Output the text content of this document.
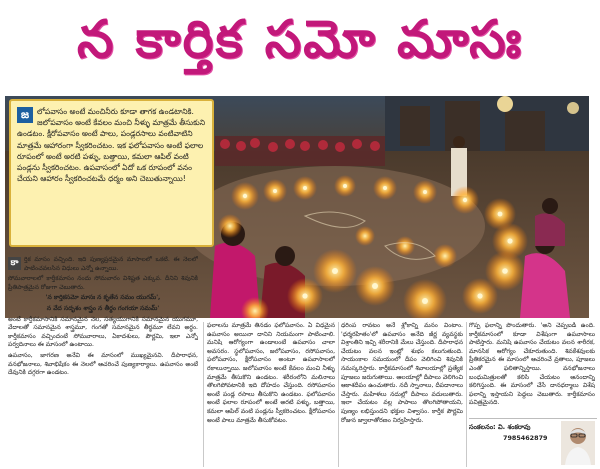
న కార్తిక సమో మాసః
జ	లోపవాసం అంటే మంచినీరు కూడా తాగక ఉండటానికి. జలోపవాసం అంటే కేవలం మంచి నీళ్ళు మాత్రమే తీసుకుని ఉండటం. క్షీరోపవాసం అంటే పాలు, పండ్లరసాలు వంటివాటిని మాత్రమే ఆహారంగా స్వీకరించటం. ఇక ఫలోపవాసం అంటే ఫలాల రూపంలో అంటే అరటి పళ్ళు, బత్తాయి, కమలా ఆపిల్ వంటి పండ్లను స్వీకరించటం. ఉపవాసంలో ఏదో ఒక రూపంలో వనం చేయని ఆహారం స్వీకరించటమే ధర్మం అని చెబుతున్నాయి!

కా ర్తిక మాసం వచ్చింది. ఇది పుణ్యప్రదమైన మాసాలలో ఒకటి. ఈ నెలలో పాటించవలసిన విధులు ఎన్నో ఉన్నాయి.

సోమవారాలలో కార్తీకమాసం నందు సోమవారం విశిష్టత ఎక్కువ. దీనిని శివునికి ప్రీతిపాత్రమైన రోజుగా చెబుతారు.

'న కార్తికసమో మాసః న కృతేన సమం యుగమ్',
న వేద సదృశం శాస్త్రం న తీర్థం గంగయా సమమ్'

అంటే కార్తీకమాసానికి సమానమైన నెల, సత్యయుగానికి సమానమైన యుగమూ, వేదాలతో సమానమైన శాస్త్రమూ, గంగతో సమానమైన తీర్థమూ లేవని అర్థం. కార్తీకమాసం వచ్చిందంటే సోమవారాలు, ఏకాదశులు, పౌర్ణమి, ఇలా ఎన్నో పర్వదినాలు ఈ మాసంలో ఉంటాయి.

ఉపవాసం, జాగరణ అనేవి ఈ మాసంలో ముఖ్యమైనవి. దీపారాధన, వనభోజనాలు, శివాభిషేకం ఈ నెలలో ఆచరించే పుణ్యకార్యాలు. ఉపవాసం అంటే దేవునికి దగ్గరగా ఉండటం.

ఫలాలను మాత్రమే తినడం ఫలోపవాసం. ఏ విధమైన ఉపవాసం అయినా దానిని నియమంగా పాటించాలి. మనిషి ఆరోగ్యంగా ఉండాలంటే ఉపవాసం చాలా అవసరం. స్థలోపవాసం, జలోపవాసం, రసోపవాసం, ఫలోపవాసం, క్షీరోపవాసం అంటూ ఉపవాసాలలో రకాలున్నాయి. జలోపవాసం అంటే కేవలం మంచి నీళ్ళు మాత్రమే తీసుకొని ఉండటం. శరీరంలోని మలినాలు తొలగిపోవటానికి ఇది దోహదం చేస్తుంది. రసోపవాసం అంటే పండ్ల రసాలు తీసుకొని ఉండటం. ఫలోపవాసం అంటే ఫలాల రూపంలో అంటే అరటి పళ్ళు, బత్తాయి, కమలా ఆపిల్ వంటి పండ్లను స్వీకరించటం. క్షీరోపవాసం అంటే పాలు మాత్రమే తీసుకోవటం.

ధరింప రావటం అనే శ్లోకాన్ని మనం వింటాం. 'ధర్మరహితం'లో ఉపవాసం అనేది జీర్ణ వ్యవస్థకు విశ్రాంతిని ఇచ్చి శరీరానికి మేలు చేస్తుంది. దీపారాధన చేయటం వలన ఇంట్లో శుభం కలుగుతుంది. సాయంకాల సమయంలో దీపం వెలిగించి శివునికి నమస్కరిస్తారు. కార్తీకమాసంలో శివాలయాల్లో ప్రత్యేక పూజలు జరుగుతాయి. ఆలయాల్లో దీపాలు వెలిగించి ఆకాశదీపం ఉంచుతారు. నదీ స్నానాలు, దీపదానాలు చేస్తారు. మహిళలు నదుల్లో దీపాలు వదులుతారు. ఇలా చేయటం వల్ల పాపాలు తొలగిపోతాయని, పుణ్యం లభిస్తుందని భక్తుల విశ్వాసం. కార్తీక పౌర్ణమి రోజున జ్వాలాతోరణం నిర్వహిస్తారు.

గొప్ప ఫలాన్ని పొందుతారు. 'అని చెప్పబడి ఉంది. కార్తీకమాసంలో కూడా విశేషంగా ఉపవాసాలు పాటిస్తారు. మనిషి ఉపవాసం చేయటం వలన శారీరక, మానసిక ఆరోగ్యం చేకూరుతుంది. శివకేశవులకు ప్రీతికరమైన ఈ మాసంలో ఆచరించే వ్రతాలు, పూజలు ఎంతో ఫలితాన్నిస్తాయి. వనభోజనాలు బంధుమిత్రులతో కలిసి చేయటం ఆనందాన్ని కలిగిస్తుంది. ఈ మాసంలో చేసే దానధర్మాలు విశేష ఫలాన్ని ఇస్తాయని పెద్దలు చెబుతారు. కార్తీకమాసం పవిత్రమైనది.

సంకలనం: వి. శంకరావు
7985462879
